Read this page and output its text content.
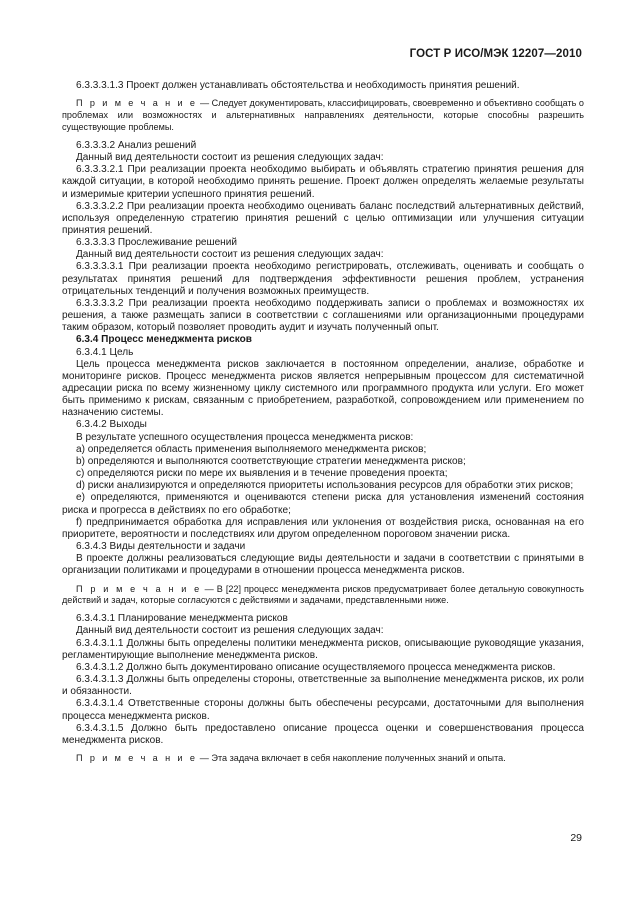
ГОСТ Р ИСО/МЭК 12207—2010

6.3.3.3.1.3 Проект должен устанавливать обстоятельства и необходимость принятия решений.

П р и м е ч а н и е — Следует документировать, классифицировать, своевременно и объективно сообщать о проблемах или возможностях и альтернативных направлениях деятельности, которые способны разрешить существующие проблемы.

6.3.3.3.2 Анализ решений

Данный вид деятельности состоит из решения следующих задач:

6.3.3.3.2.1 При реализации проекта необходимо выбирать и объявлять стратегию принятия решения для каждой ситуации, в которой необходимо принять решение. Проект должен определять желаемые результаты и измеримые критерии успешного принятия решений.

6.3.3.3.2.2 При реализации проекта необходимо оценивать баланс последствий альтернативных действий, используя определенную стратегию принятия решений с целью оптимизации или улучшения ситуации принятия решений.

6.3.3.3.3 Прослеживание решений

Данный вид деятельности состоит из решения следующих задач:

6.3.3.3.3.1 При реализации проекта необходимо регистрировать, отслеживать, оценивать и сообщать о результатах принятия решений для подтверждения эффективности решения проблем, устранения отрицательных тенденций и получения возможных преимуществ.

6.3.3.3.3.2 При реализации проекта необходимо поддерживать записи о проблемах и возможностях их решения, а также размещать записи в соответствии с соглашениями или организационными процедурами таким образом, который позволяет проводить аудит и изучать полученный опыт.

6.3.4 Процесс менеджмента рисков

6.3.4.1 Цель

Цель процесса менеджмента рисков заключается в постоянном определении, анализе, обработке и мониторинге рисков. Процесс менеджмента рисков является непрерывным процессом для систематичной адресации риска по всему жизненному циклу системного или программного продукта или услуги. Его может быть применимо к рискам, связанным с приобретением, разработкой, сопровождением или применением по назначению системы.

6.3.4.2 Выходы

В результате успешного осуществления процесса менеджмента рисков:

a) определяется область применения выполняемого менеджмента рисков;

b) определяются и выполняются соответствующие стратегии менеджмента рисков;

c) определяются риски по мере их выявления и в течение проведения проекта;

d) риски анализируются и определяются приоритеты использования ресурсов для обработки этих рисков;

e) определяются, применяются и оцениваются степени риска для установления изменений состояния риска и прогресса в действиях по его обработке;

f) предпринимается обработка для исправления или уклонения от воздействия риска, основанная на его приоритете, вероятности и последствиях или другом определенном пороговом значении риска.

6.3.4.3 Виды деятельности и задачи

В проекте должны реализоваться следующие виды деятельности и задачи в соответствии с принятыми в организации политиками и процедурами в отношении процесса менеджмента рисков.

П р и м е ч а н и е — В [22] процесс менеджмента рисков предусматривает более детальную совокупность действий и задач, которые согласуются с действиями и задачами, представленными ниже.

6.3.4.3.1 Планирование менеджмента рисков

Данный вид деятельности состоит из решения следующих задач:

6.3.4.3.1.1 Должны быть определены политики менеджмента рисков, описывающие руководящие указания, регламентирующие выполнение менеджмента рисков.

6.3.4.3.1.2 Должно быть документировано описание осуществляемого процесса менеджмента рисков.

6.3.4.3.1.3 Должны быть определены стороны, ответственные за выполнение менеджмента рисков, их роли и обязанности.

6.3.4.3.1.4 Ответственные стороны должны быть обеспечены ресурсами, достаточными для выполнения процесса менеджмента рисков.

6.3.4.3.1.5 Должно быть предоставлено описание процесса оценки и совершенствования процесса менеджмента рисков.

П р и м е ч а н и е — Эта задача включает в себя накопление полученных знаний и опыта.

29
